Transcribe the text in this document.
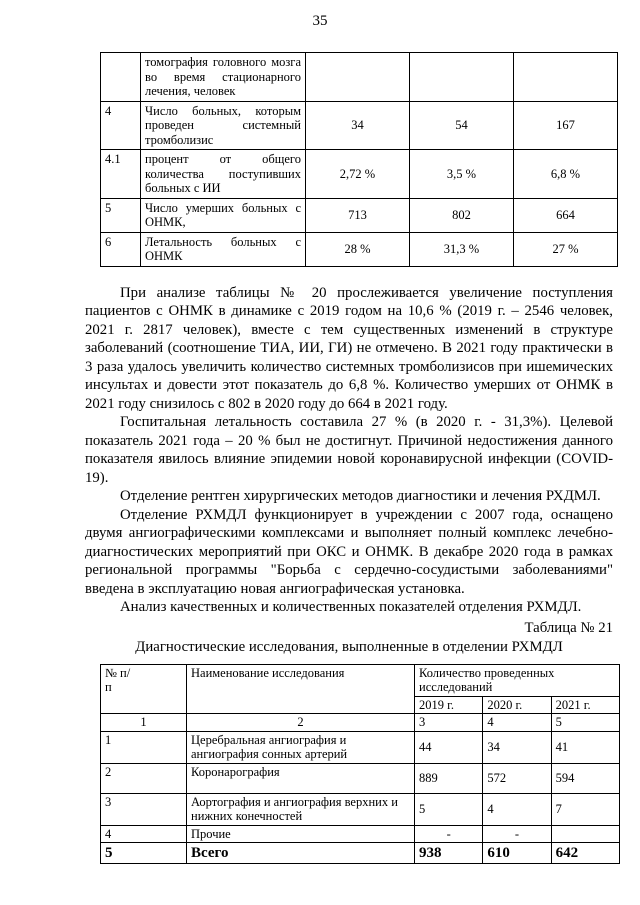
35
	томография головного мозга во время стационарного лечения, человек			
4	Число больных, которым проведен системный тромболизис	34	54	167
4.1	процент от общего количества поступивших больных с ИИ	2,72 %	3,5 %	6,8 %
5	Число умерших больных с ОНМК,	713	802	664
6	Летальность больных с ОНМК	28 %	31,3 %	27 %

При анализе таблицы № 20 прослеживается увеличение поступления пациентов с ОНМК в динамике с 2019 годом на 10,6 % (2019 г. – 2546 человек, 2021 г. 2817 человек), вместе с тем существенных изменений в структуре заболеваний (соотношение ТИА, ИИ, ГИ) не отмечено. В 2021 году практически в 3 раза удалось увеличить количество системных тромболизисов при ишемических инсультах и довести этот показатель до 6,8 %. Количество умерших от ОНМК в 2021 году снизилось с 802 в 2020 году до 664 в 2021 году.

Госпитальная летальность составила 27 % (в 2020 г. - 31,3%). Целевой показатель 2021 года – 20 % был не достигнут. Причиной недостижения данного показателя явилось влияние эпидемии новой коронавирусной инфекции (COVID-19).

Отделение рентген хирургических методов диагностики и лечения РХДМЛ.

Отделение РХМДЛ функционирует в учреждении с 2007 года, оснащено двумя ангиографическими комплексами и выполняет полный комплекс лечебно-диагностических мероприятий при ОКС и ОНМК. В декабре 2020 года в рамках региональной программы "Борьба с сердечно-сосудистыми заболеваниями" введена в эксплуатацию новая ангиографическая установка.

Анализ качественных и количественных показателей отделения РХМДЛ.

Таблица № 21
Диагностические исследования, выполненные в отделении РХМДЛ
№ п/п	Наименование исследования	Количество проведенных исследований		
		2019 г.	2020 г.	2021 г.
1	2	3	4	5
1	Церебральная ангиография и ангиография сонных артерий	44	34	41
2	Коронарография	889	572	594
3	Аортография и ангиография верхних и нижних конечностей	5	4	7
4	Прочие	-	-	
5	Всего	938	610	642
